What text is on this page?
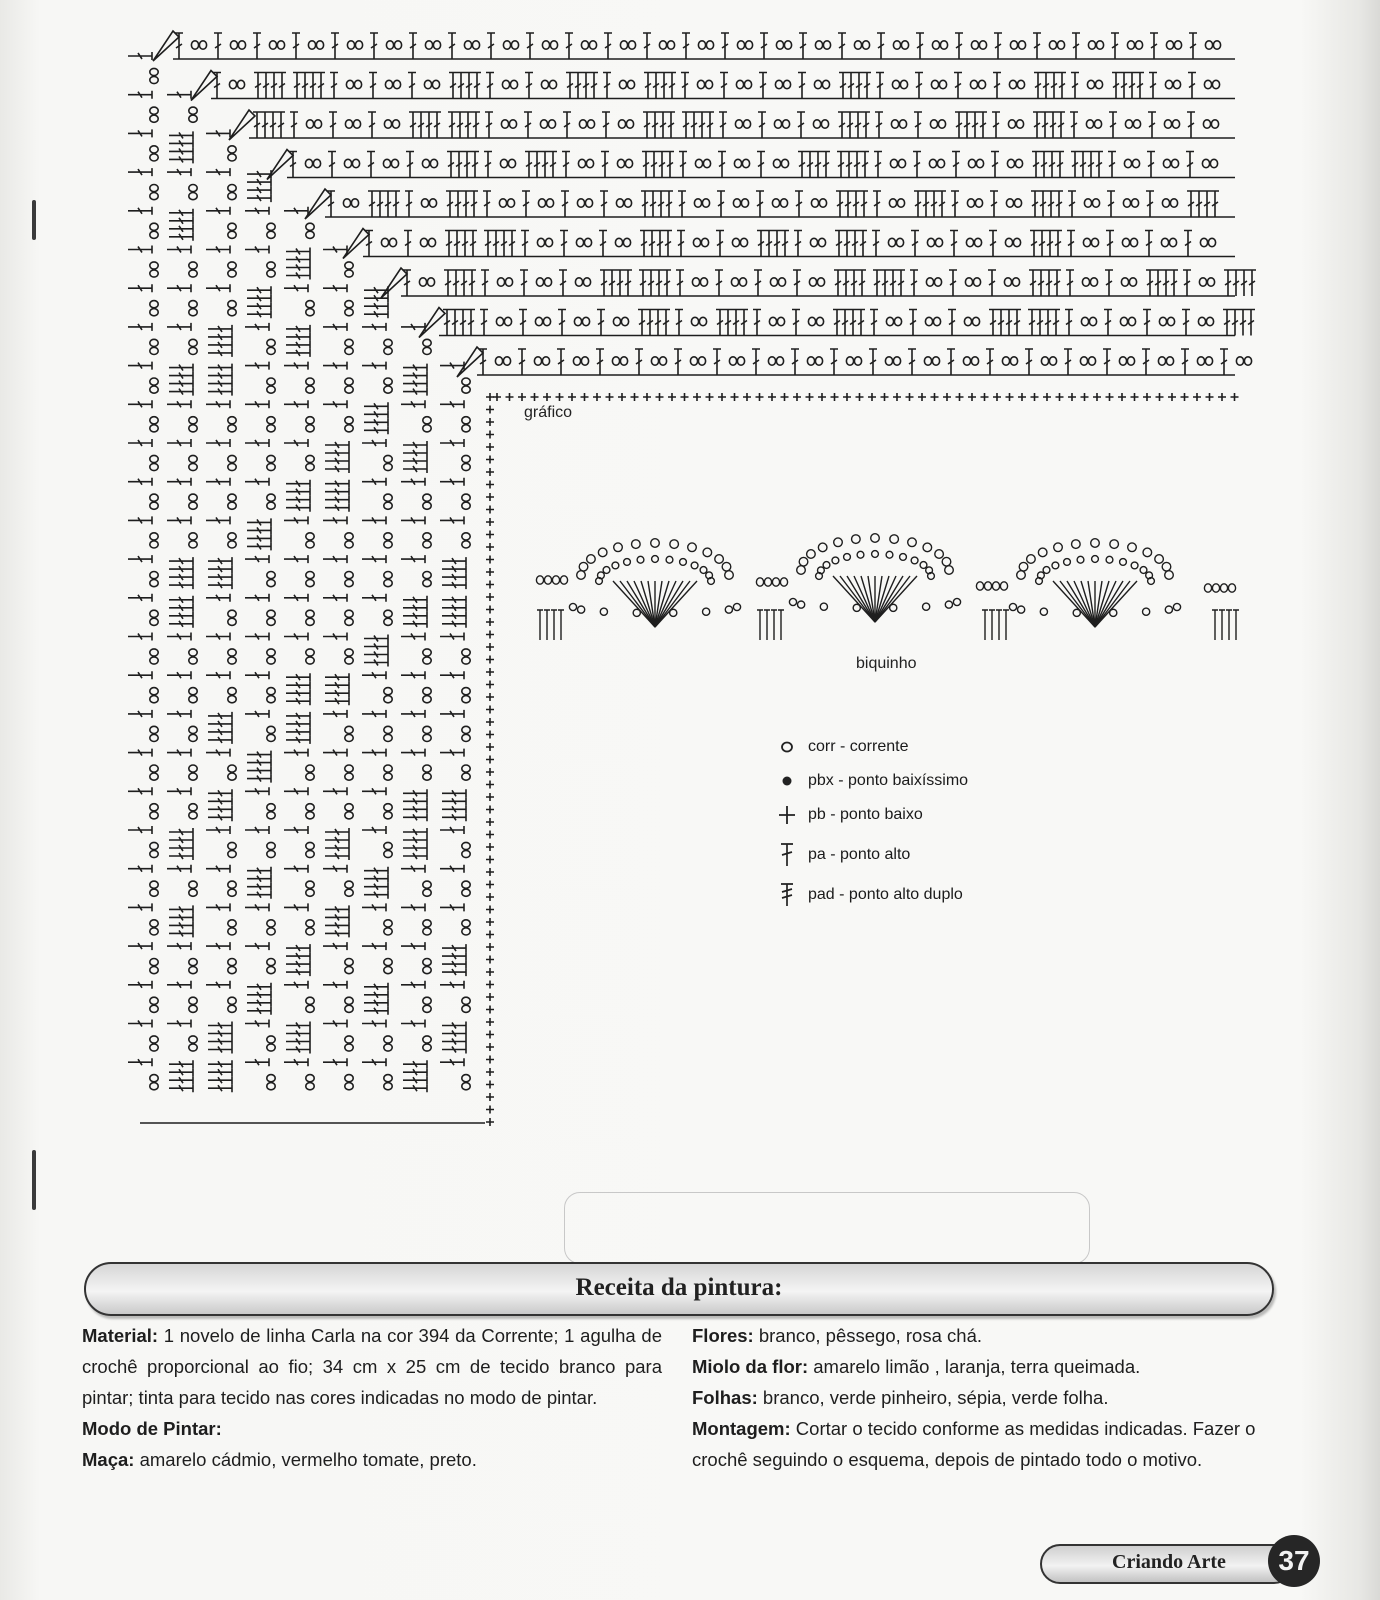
gráfico
biquinho
corr - corrente
pbx - ponto baixíssimo
pb - ponto baixo
pa - ponto alto
pad - ponto alto duplo
Receita da pintura:

Material: 1 novelo de linha Carla na cor 394 da Corrente; 1 agulha de crochê proporcional ao fio; 34 cm x 25 cm de tecido branco para pintar; tinta para tecido nas cores indicadas no modo de pintar.

Modo de Pintar:

Maça: amarelo cádmio, vermelho tomate, preto.

Flores: branco, pêssego, rosa chá.

Miolo da flor: amarelo limão , laranja, terra queimada.

Folhas: branco, verde pinheiro, sépia, verde folha.

Montagem: Cortar o tecido conforme as medidas indicadas. Fazer o crochê seguindo o esquema, depois de pintado todo o motivo.

Criando Arte	37
